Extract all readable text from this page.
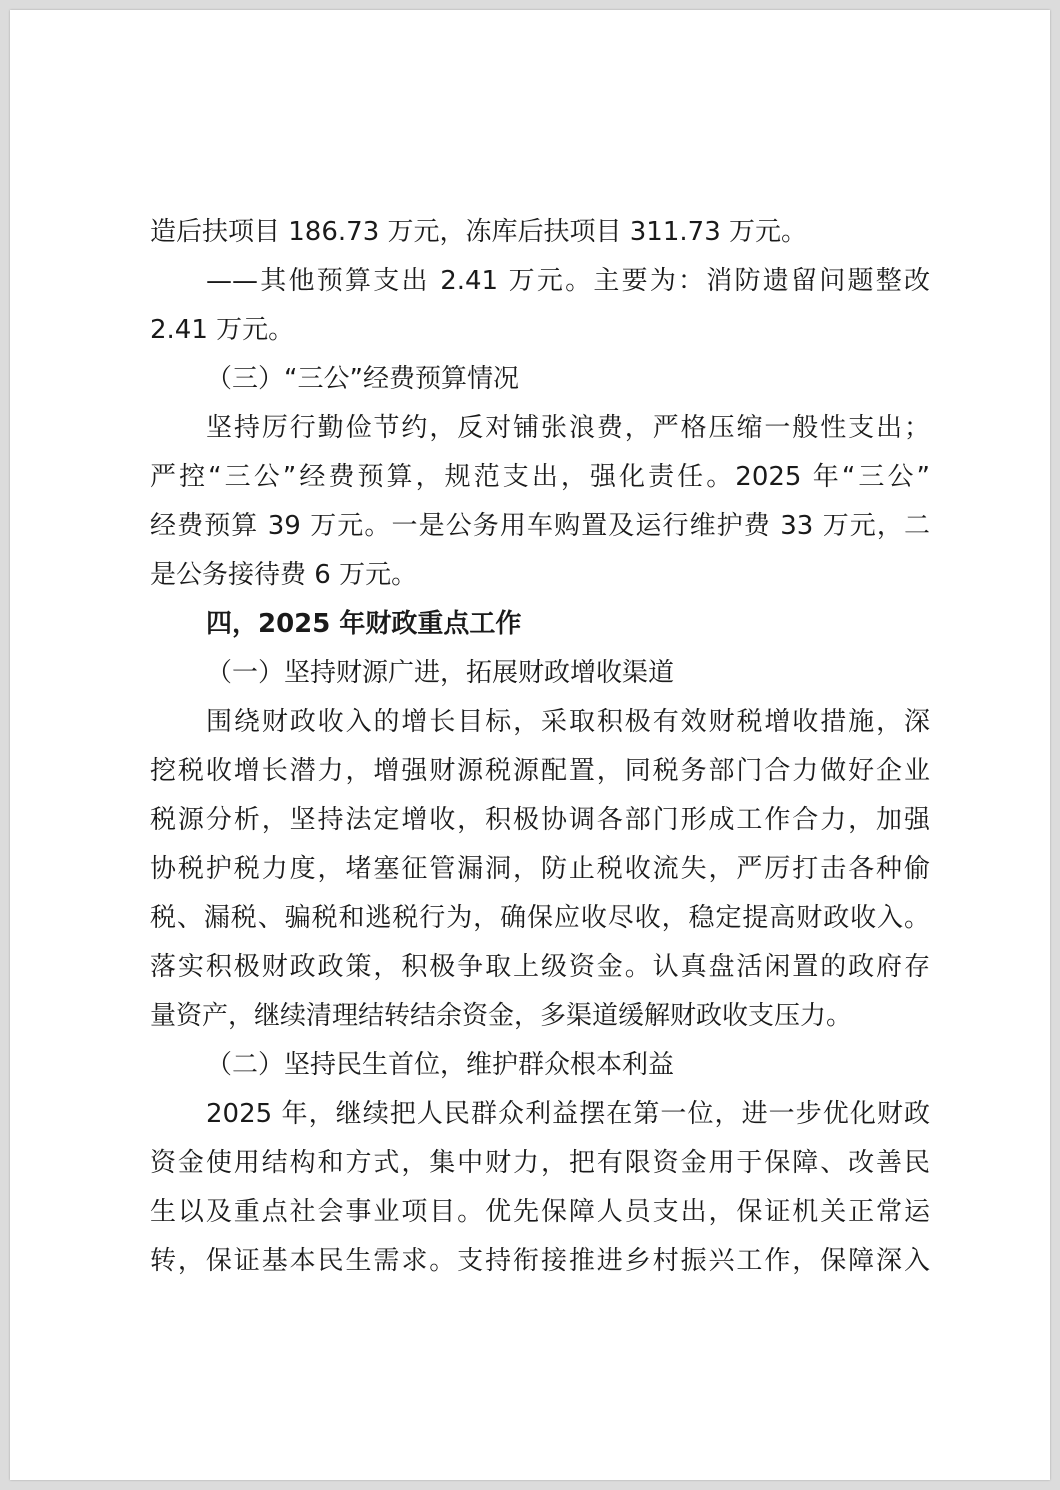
造后扶项目 186.73 万元，冻库后扶项目 311.73 万元。
——其他预算支出 2.41 万元。主要为：消防遗留问题整改
2.41 万元。
（三）“三公”经费预算情况
坚持厉行勤俭节约，反对铺张浪费，严格压缩一般性支出；
严控“三公”经费预算，规范支出，强化责任。2025 年“三公”
经费预算 39 万元。一是公务用车购置及运行维护费 33 万元，二
是公务接待费 6 万元。
四，2025 年财政重点工作
（一）坚持财源广进，拓展财政增收渠道
围绕财政收入的增长目标，采取积极有效财税增收措施，深
挖税收增长潜力，增强财源税源配置，同税务部门合力做好企业
税源分析，坚持法定增收，积极协调各部门形成工作合力，加强
协税护税力度，堵塞征管漏洞，防止税收流失，严厉打击各种偷
税、漏税、骗税和逃税行为，确保应收尽收，稳定提高财政收入。
落实积极财政政策，积极争取上级资金。认真盘活闲置的政府存
量资产，继续清理结转结余资金，多渠道缓解财政收支压力。
（二）坚持民生首位，维护群众根本利益
2025 年，继续把人民群众利益摆在第一位，进一步优化财政
资金使用结构和方式，集中财力，把有限资金用于保障、改善民
生以及重点社会事业项目。优先保障人员支出，保证机关正常运
转，保证基本民生需求。支持衔接推进乡村振兴工作，保障深入
